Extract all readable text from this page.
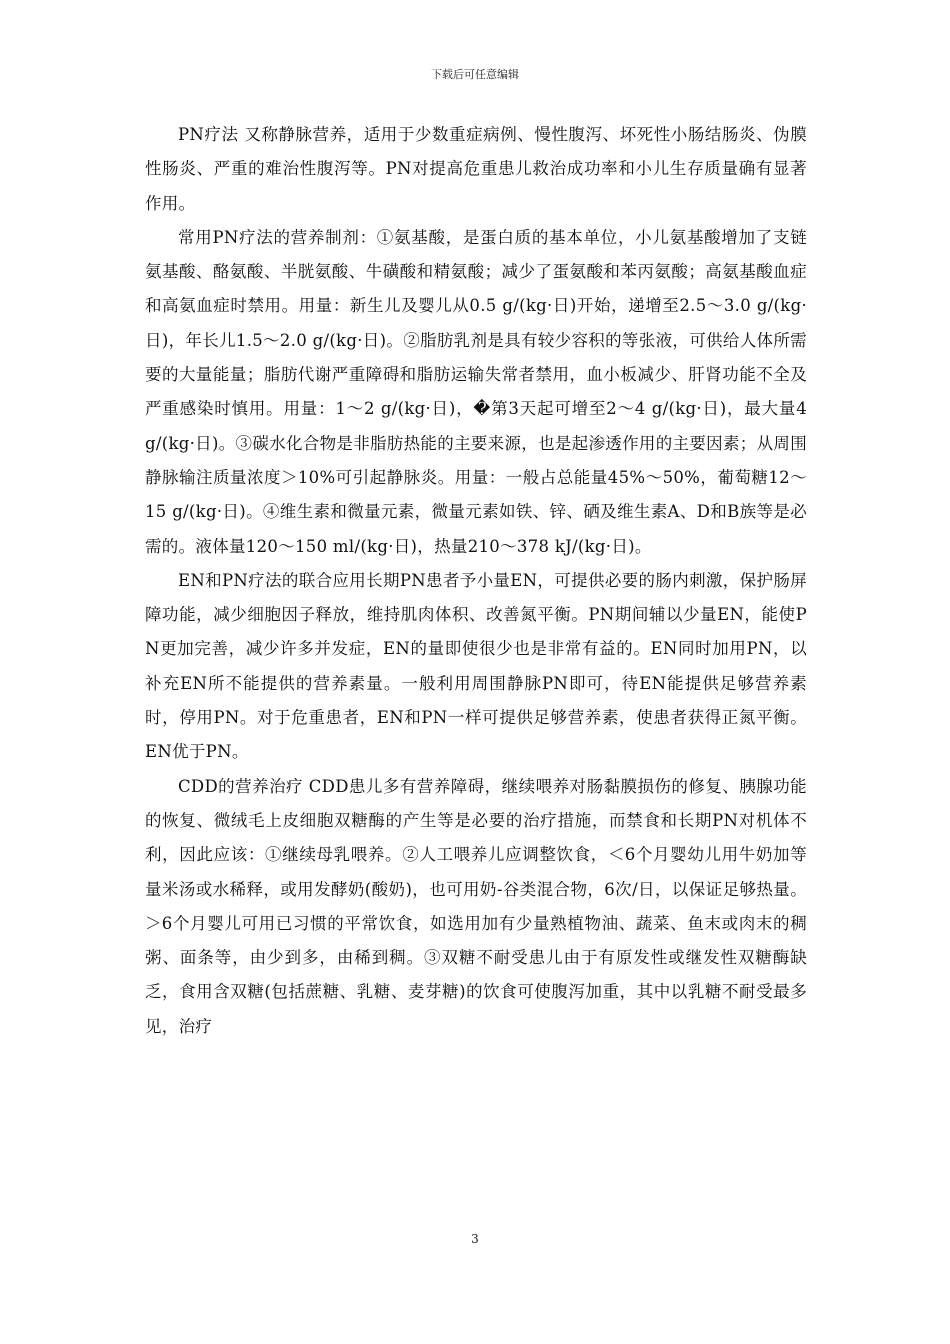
下载后可任意编辑

PN疗法 又称静脉营养，适用于少数重症病例、慢性腹泻、坏死性小肠结肠炎、伪膜性肠炎、严重的难治性腹泻等。PN对提高危重患儿救治成功率和小儿生存质量确有显著作用。

常用PN疗法的营养制剂：①氨基酸，是蛋白质的基本单位，小儿氨基酸增加了支链氨基酸、酪氨酸、半胱氨酸、牛磺酸和精氨酸；减少了蛋氨酸和苯丙氨酸；高氨基酸血症和高氨血症时禁用。用量：新生儿及婴儿从0.5 g/(kg·日)开始，递增至2.5～3.0 g/(kg·日)，年长儿1.5～2.0 g/(kg·日)。②脂肪乳剂是具有较少容积的等张液，可供给人体所需要的大量能量；脂肪代谢严重障碍和脂肪运输失常者禁用，血小板减少、肝肾功能不全及严重感染时慎用。用量：1～2 g/(kg·日)，�第3天起可增至2～4 g/(kg·日)，最大量4 g/(kg·日)。③碳水化合物是非脂肪热能的主要来源，也是起渗透作用的主要因素；从周围静脉输注质量浓度＞10%可引起静脉炎。用量：一般占总能量45%～50%，葡萄糖12～15 g/(kg·日)。④维生素和微量元素，微量元素如铁、锌、硒及维生素A、D和B族等是必需的。液体量120～150 ml/(kg·日)，热量210～378 kJ/(kg·日)。

EN和PN疗法的联合应用长期PN患者予小量EN，可提供必要的肠内刺激，保护肠屏障功能，减少细胞因子释放，维持肌肉体积、改善氮平衡。PN期间辅以少量EN，能使PN更加完善，减少许多并发症，EN的量即使很少也是非常有益的。EN同时加用PN，以补充EN所不能提供的营养素量。一般利用周围静脉PN即可，待EN能提供足够营养素时，停用PN。对于危重患者，EN和PN一样可提供足够营养素，使患者获得正氮平衡。EN优于PN。

CDD的营养治疗 CDD患儿多有营养障碍，继续喂养对肠黏膜损伤的修复、胰腺功能的恢复、微绒毛上皮细胞双糖酶的产生等是必要的治疗措施，而禁食和长期PN对机体不利，因此应该：①继续母乳喂养。②人工喂养儿应调整饮食，＜6个月婴幼儿用牛奶加等量米汤或水稀释，或用发酵奶(酸奶)，也可用奶-谷类混合物，6次/日，以保证足够热量。＞6个月婴儿可用已习惯的平常饮食，如选用加有少量熟植物油、蔬菜、鱼末或肉末的稠粥、面条等，由少到多，由稀到稠。③双糖不耐受患儿由于有原发性或继发性双糖酶缺乏，食用含双糖(包括蔗糖、乳糖、麦芽糖)的饮食可使腹泻加重，其中以乳糖不耐受最多见，治疗

3
